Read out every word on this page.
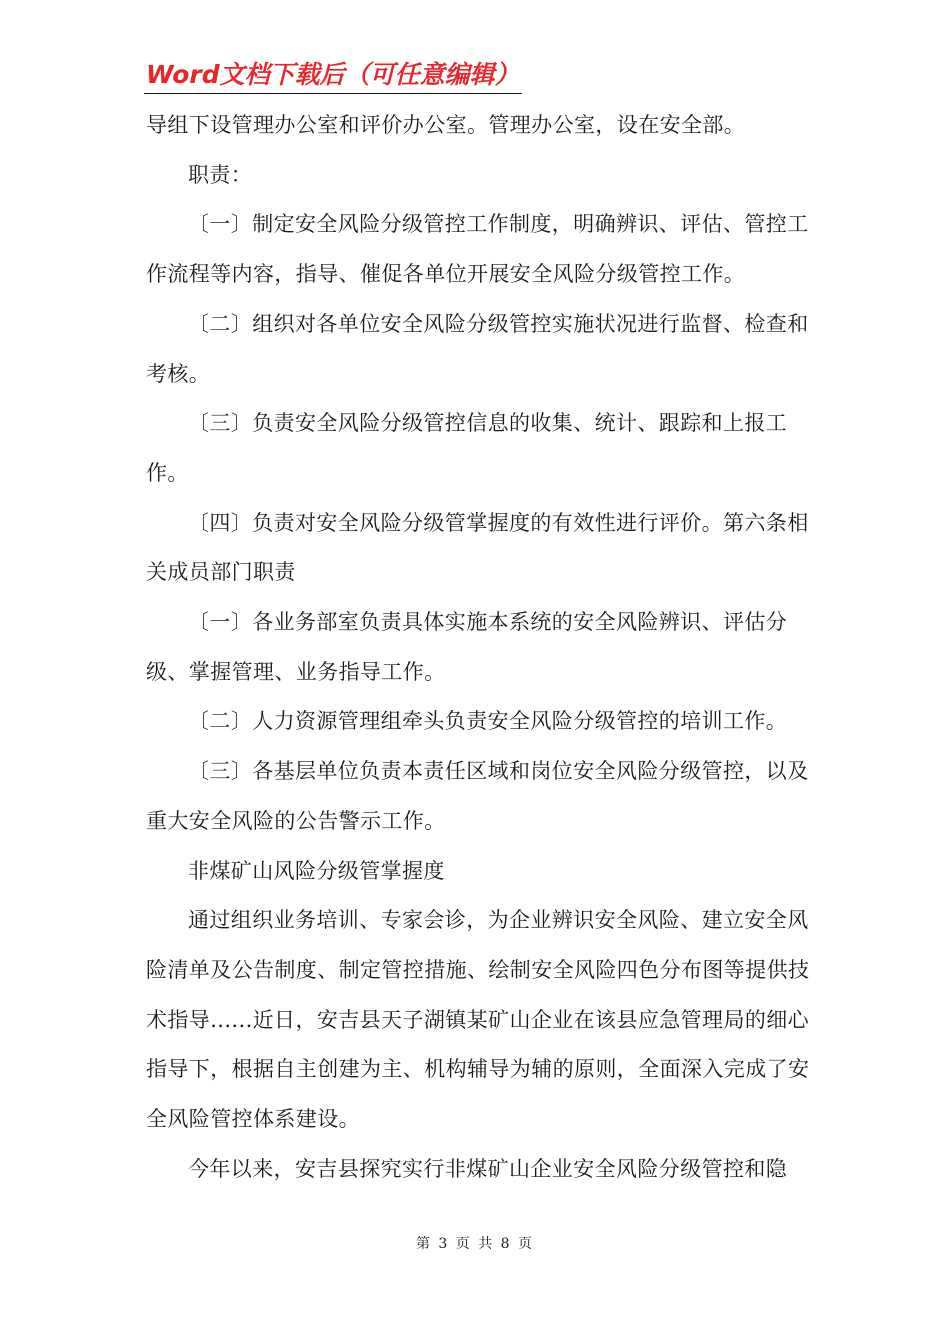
Word文档下载后（可任意编辑）

导组下设管理办公室和评价办公室。管理办公室，设在安全部。

职责：

〔一〕制定安全风险分级管控工作制度，明确辨识、评估、管控工作流程等内容，指导、催促各单位开展安全风险分级管控工作。

〔二〕组织对各单位安全风险分级管控实施状况进行监督、检查和考核。

〔三〕负责安全风险分级管控信息的收集、统计、跟踪和上报工作。

〔四〕负责对安全风险分级管掌握度的有效性进行评价。第六条相关成员部门职责

〔一〕各业务部室负责具体实施本系统的安全风险辨识、评估分级、掌握管理、业务指导工作。

〔二〕人力资源管理组牵头负责安全风险分级管控的培训工作。

〔三〕各基层单位负责本责任区域和岗位安全风险分级管控，以及重大安全风险的公告警示工作。

非煤矿山风险分级管掌握度

通过组织业务培训、专家会诊，为企业辨识安全风险、建立安全风险清单及公告制度、制定管控措施、绘制安全风险四色分布图等提供技术指导......近日，安吉县天子湖镇某矿山企业在该县应急管理局的细心指导下，根据自主创建为主、机构辅导为辅的原则，全面深入完成了安全风险管控体系建设。

今年以来，安吉县探究实行非煤矿山企业安全风险分级管控和隐

第 3 页 共 8 页
